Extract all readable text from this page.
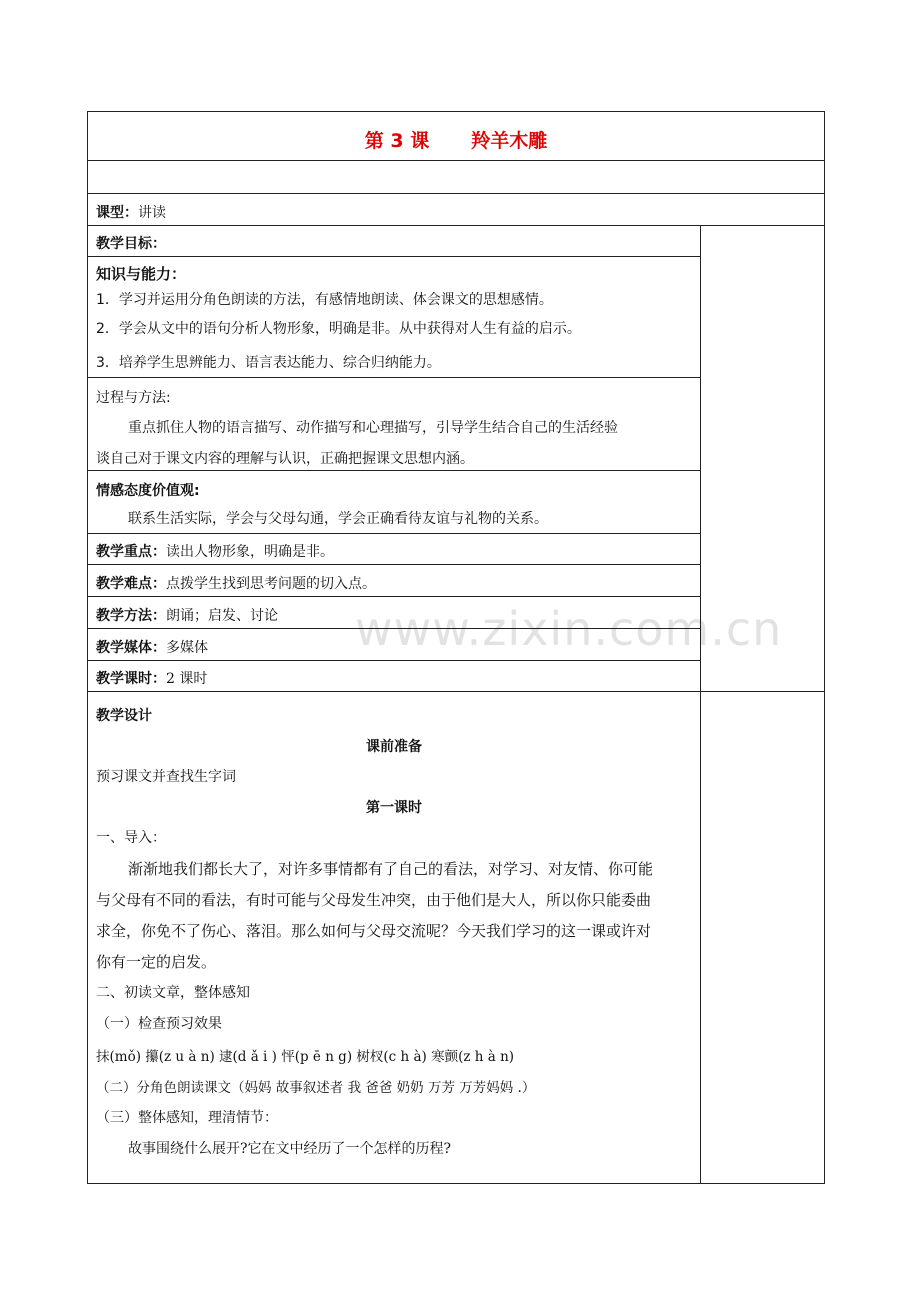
www.zixin.com.cn
第 3 课 羚羊木雕
课型：讲读
教学目标：
知识与能力：
1．学习并运用分角色朗读的方法，有感情地朗读、体会课文的思想感情。
2．学会从文中的语句分析人物形象，明确是非。从中获得对人生有益的启示。
3．培养学生思辨能力、语言表达能力、综合归纳能力。
过程与方法:
重点抓住人物的语言描写、动作描写和心理描写，引导学生结合自己的生活经验
谈自己对于课文内容的理解与认识，正确把握课文思想内涵。
情感态度价值观:
联系生活实际，学会与父母勾通，学会正确看待友谊与礼物的关系。
教学重点：读出人物形象，明确是非。
教学难点：点拨学生找到思考问题的切入点。
教学方法：朗诵；启发、讨论
教学媒体：多媒体
教学课时：2 课时
教学设计
课前准备
预习课文并查找生字词
第一课时
一、导入：
渐渐地我们都长大了，对许多事情都有了自己的看法，对学习、对友情、你可能
与父母有不同的看法，有时可能与父母发生冲突，由于他们是大人，所以你只能委曲
求全，你免不了伤心、落泪。那么如何与父母交流呢？今天我们学习的这一课或许对
你有一定的启发。
二、初读文章，整体感知
（一）检查预习效果
抹(mǒ) 攥(z u à n) 逮(d ǎ i ) 怦(p ē n g) 树杈(c h à) 寒颤(z h à n)
（二）分角色朗读课文（妈妈 故事叙述者 我 爸爸 奶奶 万芳 万芳妈妈 .）
（三）整体感知，理清情节：
故事围绕什么展开?它在文中经历了一个怎样的历程?
